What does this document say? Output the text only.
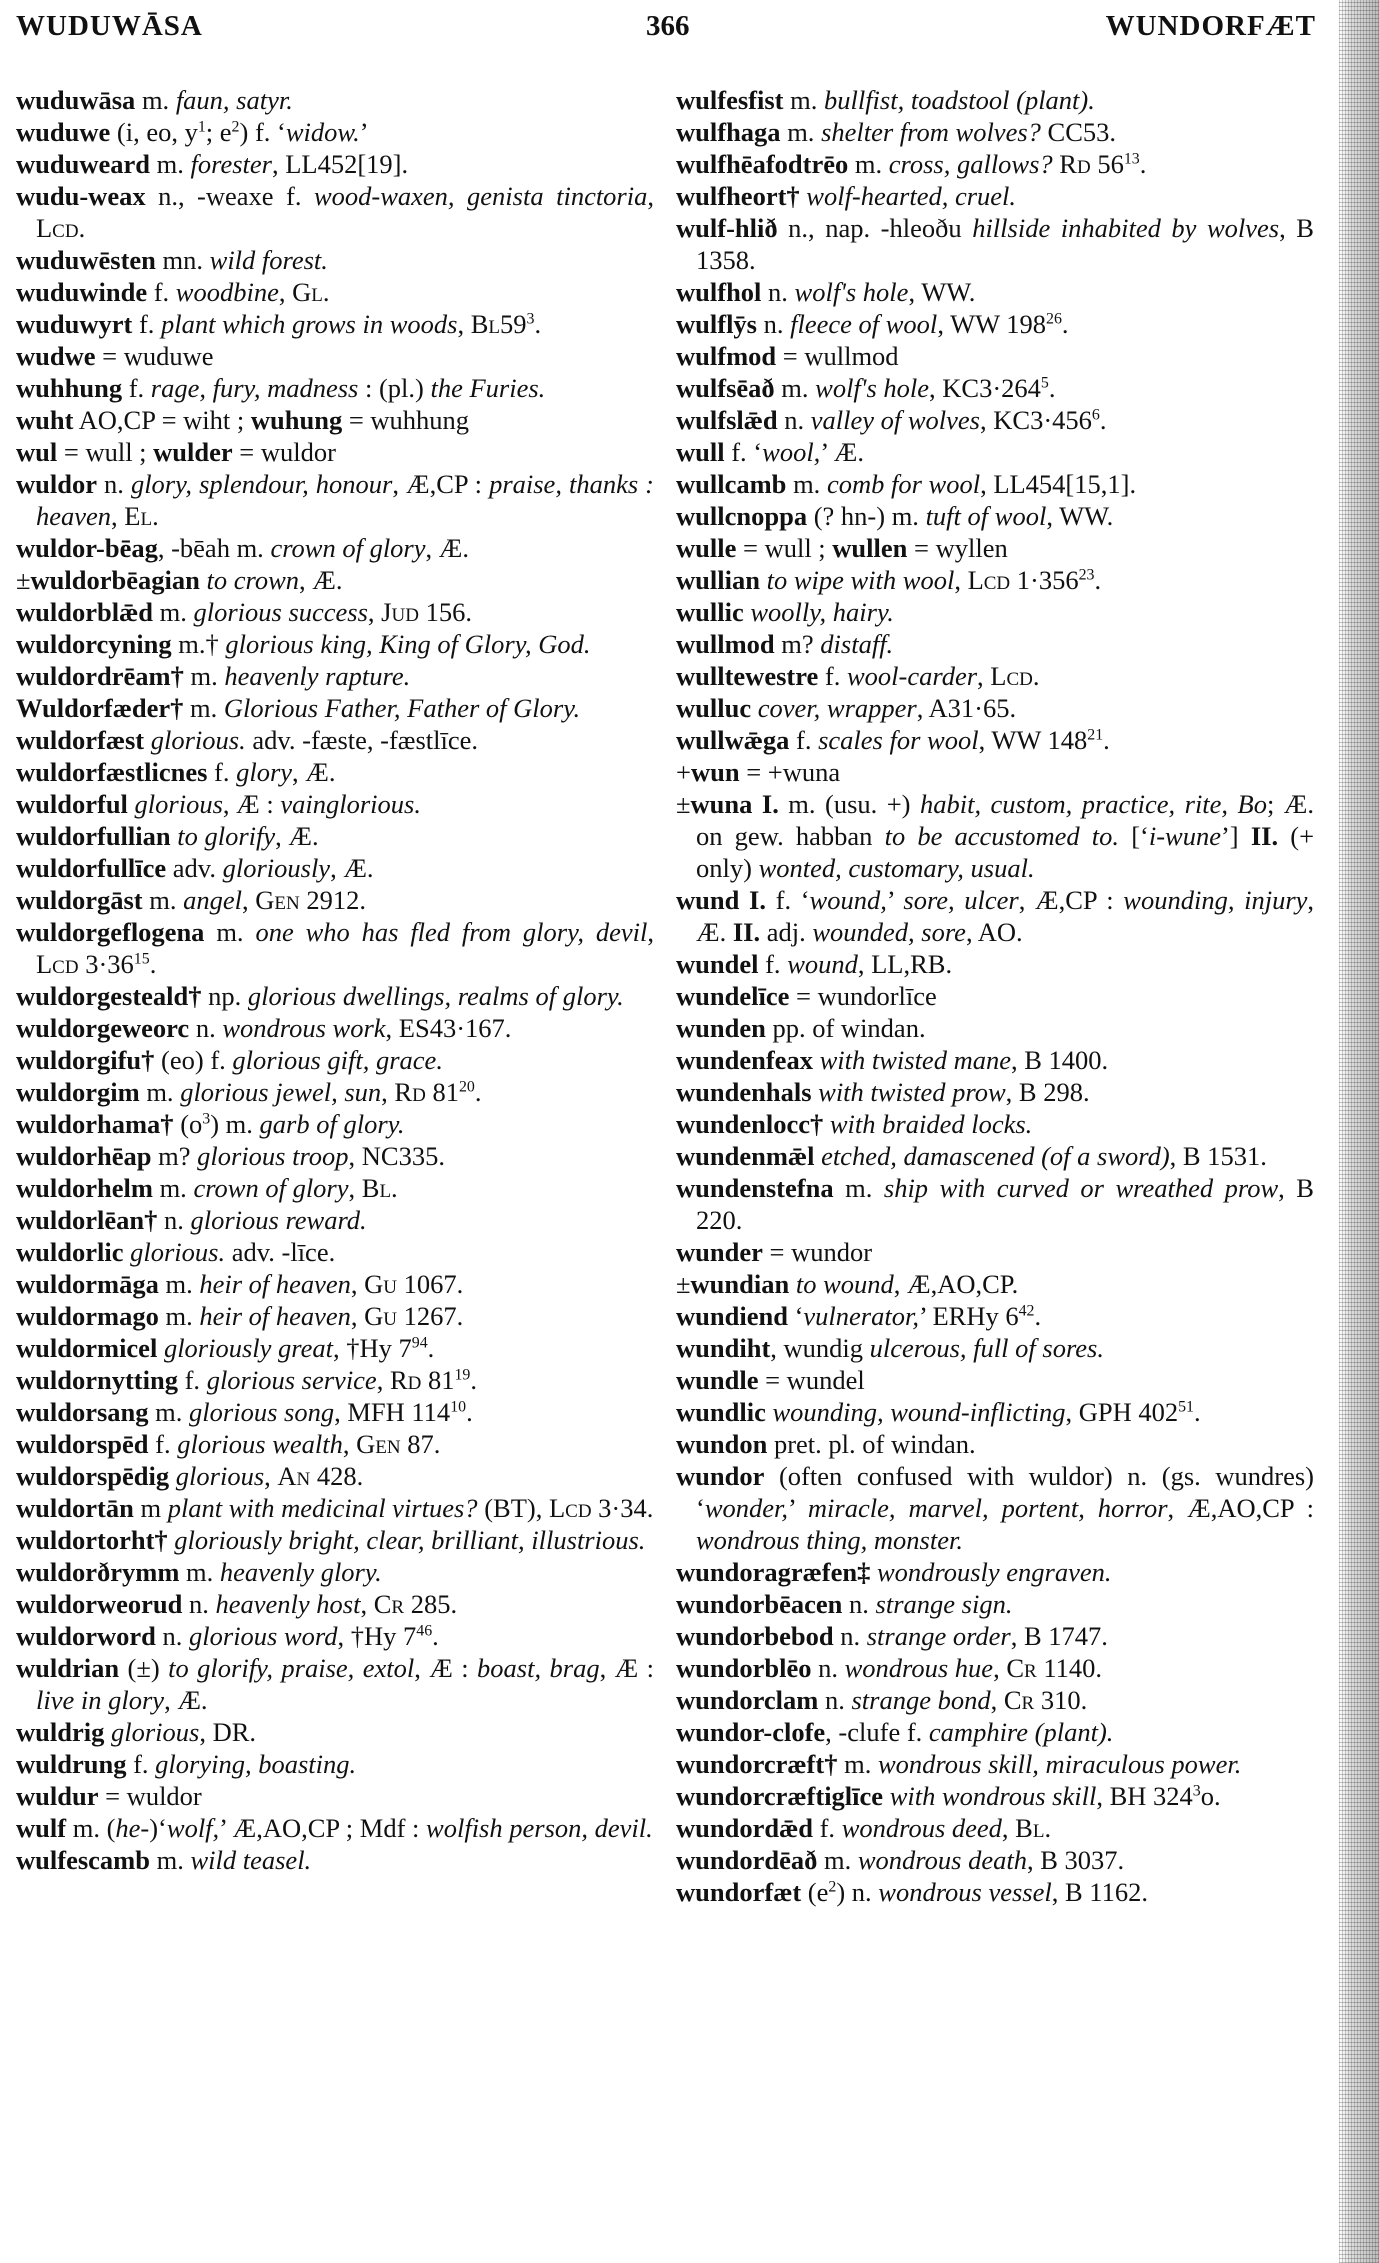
WUDUWĀSA	366	WUNDORFÆT
wuduwāsa m. faun, satyr.
wuduwe (i, eo, $y^1$; $e^2$) f. ‘widow.’
wuduweard m. forester, LL452[19].
wudu-weax n., -weaxe f. wood-waxen, genista tinctoria, Lcd.
wuduwēsten mn. wild forest.
wuduwinde f. woodbine, Gl.
wuduwyrt f. plant which grows in woods, $Bl59^3$.
wudwe = wuduwe
wuhhung f. rage, fury, madness : (pl.) the Furies.
wuht AO,CP = wiht ; wuhung = wuhhung
wul = wull ; wulder = wuldor
wuldor n. glory, splendour, honour, Æ,CP : praise, thanks : heaven, El.
wuldor-bēag, -bēah m. crown of glory, Æ.
±wuldorbēagian to crown, Æ.
wuldorblǣd m. glorious success, Jud 156.
wuldorcyning m.† glorious king, King of Glory, God.
wuldordrēam† m. heavenly rapture.
Wuldorfæder† m. Glorious Father, Father of Glory.
wuldorfæst glorious. adv. -fæste, -fæstlīce.
wuldorfæstlicnes f. glory, Æ.
wuldorful glorious, Æ : vainglorious.
wuldorfullian to glorify, Æ.
wuldorfullīce adv. gloriously, Æ.
wuldorgāst m. angel, Gen 2912.
wuldorgeflogena m. one who has fled from glory, devil, Lcd $3\cdot 36^{15}$.
wuldorgesteald† np. glorious dwellings, realms of glory.
wuldorgeweorc n. wondrous work, ES43·167.
wuldorgifu† (eo) f. glorious gift, grace.
wuldorgim m. glorious jewel, sun, Rd $81^{20}$.
wuldorhama† $(o^3)$ m. garb of glory.
wuldorhēap m? glorious troop, NC335.
wuldorhelm m. crown of glory, Bl.
wuldorlēan† n. glorious reward.
wuldorlic glorious. adv. -līce.
wuldormāga m. heir of heaven, Gu 1067.
wuldormago m. heir of heaven, Gu 1267.
wuldormicel gloriously great, †Hy $7^{94}$.
wuldornytting f. glorious service, Rd $81^{19}$.
wuldorsang m. glorious song, MFH $114^{10}$.
wuldorspēd f. glorious wealth, Gen 87.
wuldorspēdig glorious, An 428.
wuldortān m plant with medicinal virtues? (BT), Lcd 3·34.
wuldortorht† gloriously bright, clear, brilliant, illustrious.
wuldorðrymm m. heavenly glory.
wuldorweorud n. heavenly host, Cr 285.
wuldorword n. glorious word, †Hy $7^{46}$.
wuldrian (±) to glorify, praise, extol, Æ : boast, brag, Æ : live in glory, Æ.
wuldrig glorious, DR.
wuldrung f. glorying, boasting.
wuldur = wuldor
wulf m. (he-)‘wolf,’ Æ,AO,CP ; Mdf : wolfish person, devil.
wulfescamb m. wild teasel.
wulfesfist m. bullfist, toadstool (plant).
wulfhaga m. shelter from wolves? CC53.
wulfhēafodtrēo m. cross, gallows? Rd $56^{13}$.
wulfheort† wolf-hearted, cruel.
wulf-hlið n., nap. -hleoðu hillside inhabited by wolves, B 1358.
wulfhol n. wolf's hole, WW.
wulflȳs n. fleece of wool, WW $198^{26}$.
wulfmod = wullmod
wulfsēað m. wolf's hole, $KC3\cdot 264^5$.
wulfslǣd n. valley of wolves, $KC3\cdot 456^6$.
wull f. ‘wool,’ Æ.
wullcamb m. comb for wool, LL454[15,1].
wullcnoppa (? hn-) m. tuft of wool, WW.
wulle = wull ; wullen = wyllen
wullian to wipe with wool, Lcd $1\cdot 356^{23}$.
wullic woolly, hairy.
wullmod m? distaff.
wulltewestre f. wool-carder, Lcd.
wulluc cover, wrapper, A31·65.
wullwǣga f. scales for wool, WW $148^{21}$.
+wun = +wuna
±wuna I. m. (usu. +) habit, custom, practice, rite, Bo; Æ. on gew. habban to be accustomed to. [‘i-wune’] II. (+ only) wonted, customary, usual.
wund I. f. ‘wound,’ sore, ulcer, Æ,CP : wounding, injury, Æ. II. adj. wounded, sore, AO.
wundel f. wound, LL,RB.
wundelīce = wundorlīce
wunden pp. of windan.
wundenfeax with twisted mane, B 1400.
wundenhals with twisted prow, B 298.
wundenlocc† with braided locks.
wundenmǣl etched, damascened (of a sword), B 1531.
wundenstefna m. ship with curved or wreathed prow, B 220.
wunder = wundor
±wundian to wound, Æ,AO,CP.
wundiend ‘vulnerator,’ ERHy $6^{42}$.
wundiht, wundig ulcerous, full of sores.
wundle = wundel
wundlic wounding, wound-inflicting, GPH $402^{51}$.
wundon pret. pl. of windan.
wundor (often confused with wuldor) n. (gs. wundres) ‘wonder,’ miracle, marvel, portent, horror, Æ,AO,CP : wondrous thing, monster.
wundoragræfen‡ wondrously engraven.
wundorbēacen n. strange sign.
wundorbebod n. strange order, B 1747.
wundorblēo n. wondrous hue, Cr 1140.
wundorclam n. strange bond, Cr 310.
wundor-clofe, -clufe f. camphire (plant).
wundorcræft† m. wondrous skill, miraculous power.
wundorcræftiglīce with wondrous skill, BH $324^3o$.
wundordǣd f. wondrous deed, Bl.
wundordēað m. wondrous death, B 3037.
wundorfæt $(e^2)$ n. wondrous vessel, B 1162.
